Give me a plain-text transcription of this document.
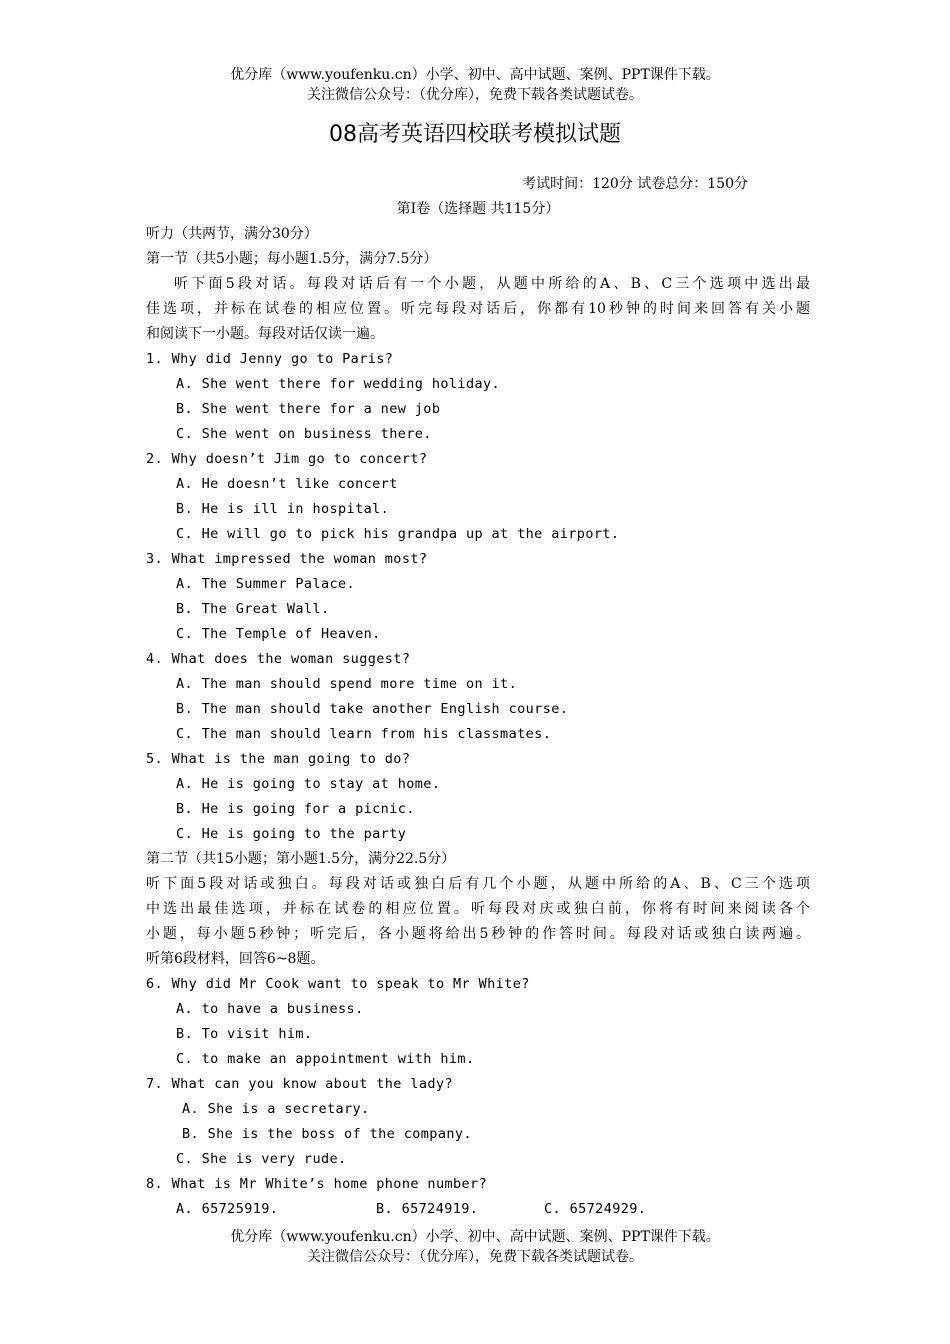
优分库（www.youfenku.cn）小学、初中、高中试题、案例、PPT课件下载。
关注微信公众号：（优分库），免费下载各类试题试卷。
08高考英语四校联考模拟试题
考试时间：120分 试卷总分：150分
第Ⅰ卷（选择题 共115分）
听力（共两节，满分30分）
第一节（共5小题；每小题1.5分，满分7.5分）
听下面5段对话。每段对话后有一个小题，从题中所给的A、B、C三个选项中选出最
佳选项，并标在试卷的相应位置。听完每段对话后，你都有10秒钟的时间来回答有关小题
和阅读下一小题。每段对话仅读一遍。
1. Why did Jenny go to Paris?
A. She went there for wedding holiday.
B. She went there for a new job
C. She went on business there.
2. Why doesn’t Jim go to concert?
A. He doesn’t like concert
B. He is ill in hospital.
C. He will go to pick his grandpa up at the airport.
3. What impressed the woman most?
A. The Summer Palace.
B. The Great Wall.
C. The Temple of Heaven.
4. What does the woman suggest?
A. The man should spend more time on it.
B. The man should take another English course.
C. The man should learn from his classmates.
5. What is the man going to do?
A. He is going to stay at home.
B. He is going for a picnic.
C. He is going to the party
第二节（共15小题；第小题1.5分，满分22.5分）
听下面5段对话或独白。每段对话或独白后有几个小题，从题中所给的A、B、C三个选项
中选出最佳选项，并标在试卷的相应位置。听每段对庆或独白前，你将有时间来阅读各个
小题，每小题5秒钟；听完后，各小题将给出5秒钟的作答时间。每段对话或独白读两遍。
听第6段材料，回答6~8题。
6. Why did Mr Cook want to speak to Mr White?
A. to have a business.
B. To visit him.
C. to make an appointment with him.
7. What can you know about the lady?
A. She is a secretary.
B. She is the boss of the company.
C. She is very rude.
8. What is Mr White’s home phone number?
A. 65725919.	B. 65724919.	C. 65724929.
优分库（www.youfenku.cn）小学、初中、高中试题、案例、PPT课件下载。
关注微信公众号：（优分库），免费下载各类试题试卷。
